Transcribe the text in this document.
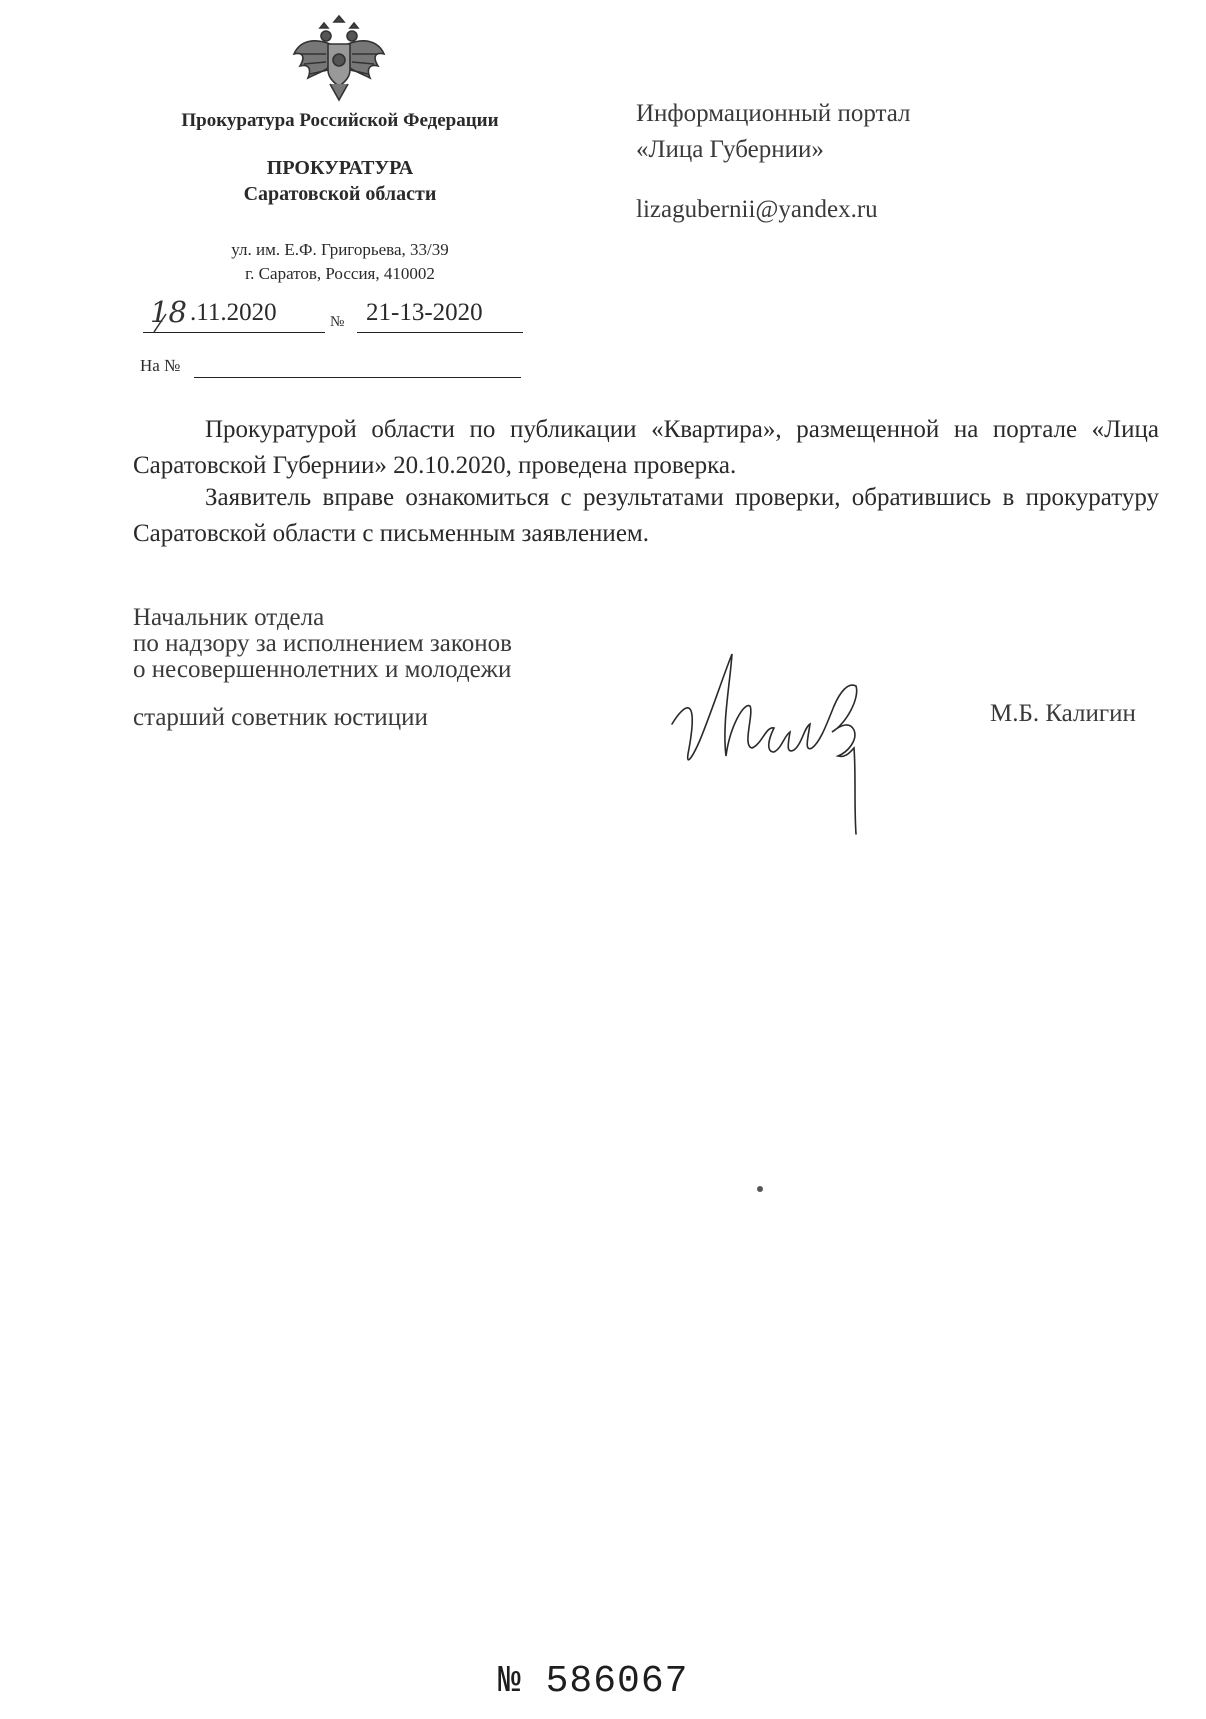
Прокуратура Российской Федерации
ПРОКУРАТУРА
Саратовской области
ул. им. Е.Ф. Григорьева, 33/39
г. Саратов, Россия, 410002
18 .11.2020	№ 21-13-2020
На №
Информационный портал
«Лица Губернии»
lizagubernii@yandex.ru
Прокуратурой области по публикации «Квартира», размещенной на портале «Лица Саратовской Губернии» 20.10.2020, проведена проверка.
Заявитель вправе ознакомиться с результатами проверки, обратившись в прокуратуру Саратовской области с письменным заявлением.
Начальник отдела
по надзору за исполнением законов
о несовершеннолетних и молодежи
старший советник юстиции	М.Б. Калигин
№ 586067
